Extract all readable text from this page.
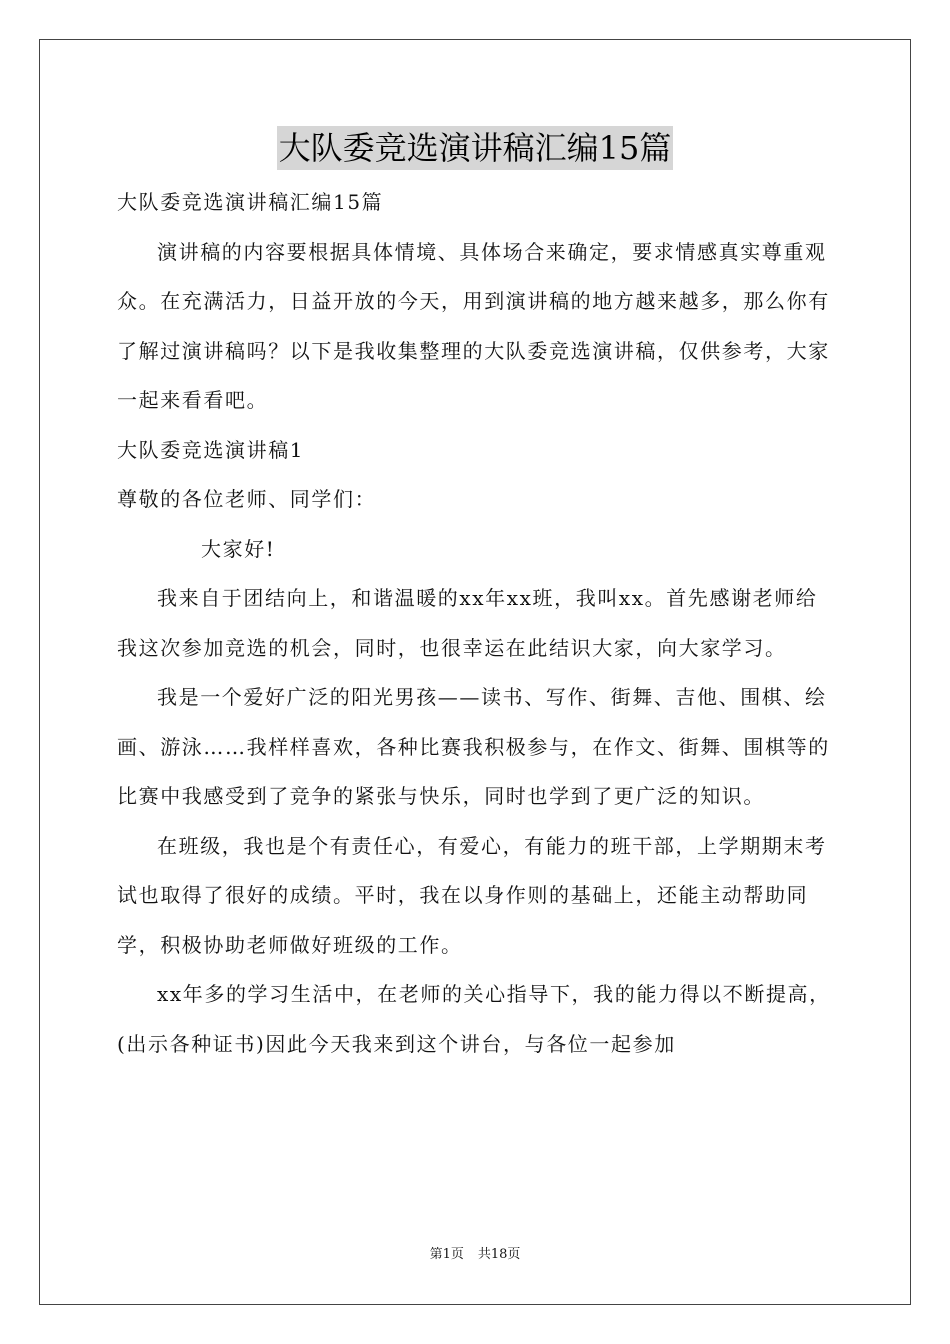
大队委竞选演讲稿汇编15篇

大队委竞选演讲稿汇编15篇

演讲稿的内容要根据具体情境、具体场合来确定，要求情感真实尊重观众。在充满活力，日益开放的今天，用到演讲稿的地方越来越多，那么你有了解过演讲稿吗？以下是我收集整理的大队委竞选演讲稿，仅供参考，大家一起来看看吧。

大队委竞选演讲稿1

尊敬的各位老师、同学们：

大家好!

我来自于团结向上，和谐温暖的xx年xx班，我叫xx。首先感谢老师给我这次参加竞选的机会，同时，也很幸运在此结识大家，向大家学习。

我是一个爱好广泛的阳光男孩——读书、写作、街舞、吉他、围棋、绘画、游泳……我样样喜欢，各种比赛我积极参与，在作文、街舞、围棋等的比赛中我感受到了竞争的紧张与快乐，同时也学到了更广泛的知识。

在班级，我也是个有责任心，有爱心，有能力的班干部，上学期期末考试也取得了很好的成绩。平时，我在以身作则的基础上，还能主动帮助同学，积极协助老师做好班级的工作。

xx年多的学习生活中，在老师的关心指导下，我的能力得以不断提高，(出示各种证书)因此今天我来到这个讲台，与各位一起参加

第1页 共18页
